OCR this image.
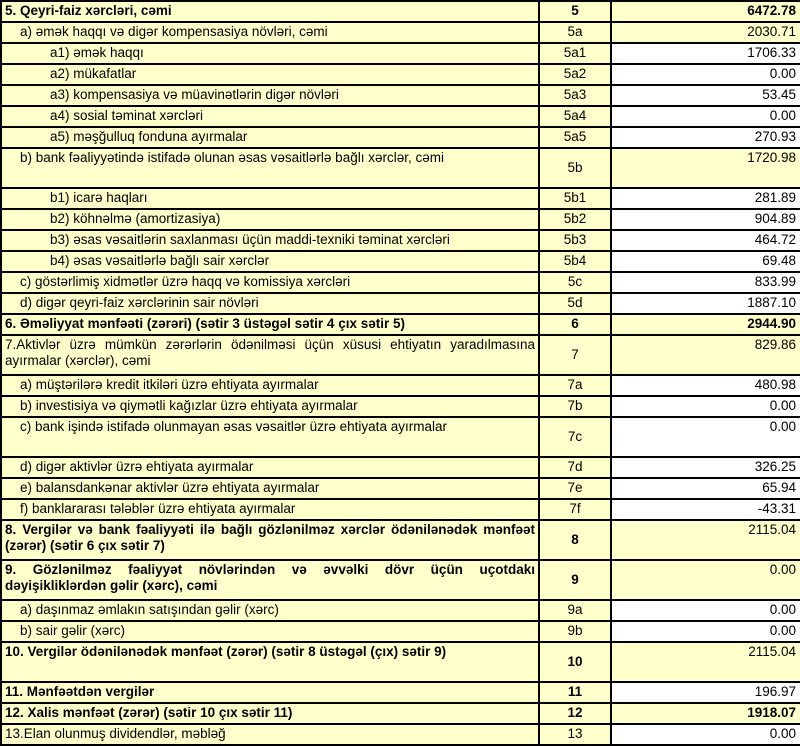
5. Qeyri-faiz xərcləri, cəmi	5	6472.78
a) əmək haqqı və digər kompensasiya növləri, cəmi	5a	2030.71
a1) əmək haqqı	5a1	1706.33
a2) mükafatlar	5a2	0.00
a3) kompensasiya və müavinətlərin digər növləri	5a3	53.45
a4) sosial təminat xərcləri	5a4	0.00
a5) məşğulluq fonduna ayırmalar	5a5	270.93
b) bank fəaliyyətində istifadə olunan əsas vəsaitlərlə bağlı xərclər, cəmi	5b	1720.98
b1) icarə haqları	5b1	281.89
b2) köhnəlmə (amortizasiya)	5b2	904.89
b3) əsas vəsaitlərin saxlanması üçün maddi-texniki təminat xərcləri	5b3	464.72
b4) əsas vəsaitlərlə bağlı sair xərclər	5b4	69.48
c) göstərlimiş xidmətlər üzrə haqq və komissiya xərcləri	5c	833.99
d) digər qeyri-faiz xərclərinin sair növləri	5d	1887.10
6. Əməliyyat mənfəəti (zərəri) (sətir 3 üstəgəl sətir 4 çıx sətir 5)	6	2944.90
7.Aktivlər üzrə mümkün zərərlərin ödənilməsi üçün xüsusi ehtiyatın yaradılmasına ayırmalar (xərclər), cəmi	7	829.86
a) müştərilərə kredit itkiləri üzrə ehtiyata ayırmalar	7a	480.98
b) investisiya və qiymətli kağızlar üzrə ehtiyata ayırmalar	7b	0.00
c) bank işində istifadə olunmayan əsas vəsaitlər üzrə ehtiyata ayırmalar	7c	0.00
d) digər aktivlər üzrə ehtiyata ayırmalar	7d	326.25
e) balansdankənar aktivlər üzrə ehtiyata ayırmalar	7e	65.94
f) banklararası tələblər üzrə ehtiyata ayırmalar	7f	-43.31
8. Vergilər və bank fəaliyyəti ilə bağlı gözlənilməz xərclər ödənilənədək mənfəət (zərər) (sətir 6 çıx sətir 7)	8	2115.04
9. Gözlənilməz fəaliyyət növlərindən və əvvəlki dövr üçün uçotdakı dəyişikliklərdən gəlir (xərc), cəmi	9	0.00
a) daşınmaz əmlakın satışından gəlir (xərc)	9a	0.00
b) sair gəlir (xərc)	9b	0.00
10. Vergilər ödənilənədək mənfəət (zərər) (sətir 8 üstəgəl (çıx) sətir 9)	10	2115.04
11. Mənfəətdən vergilər	11	196.97
12. Xalis mənfəət (zərər) (sətir 10 çıx sətir 11)	12	1918.07
13.Elan olunmuş dividendlər, məbləğ	13	0.00
